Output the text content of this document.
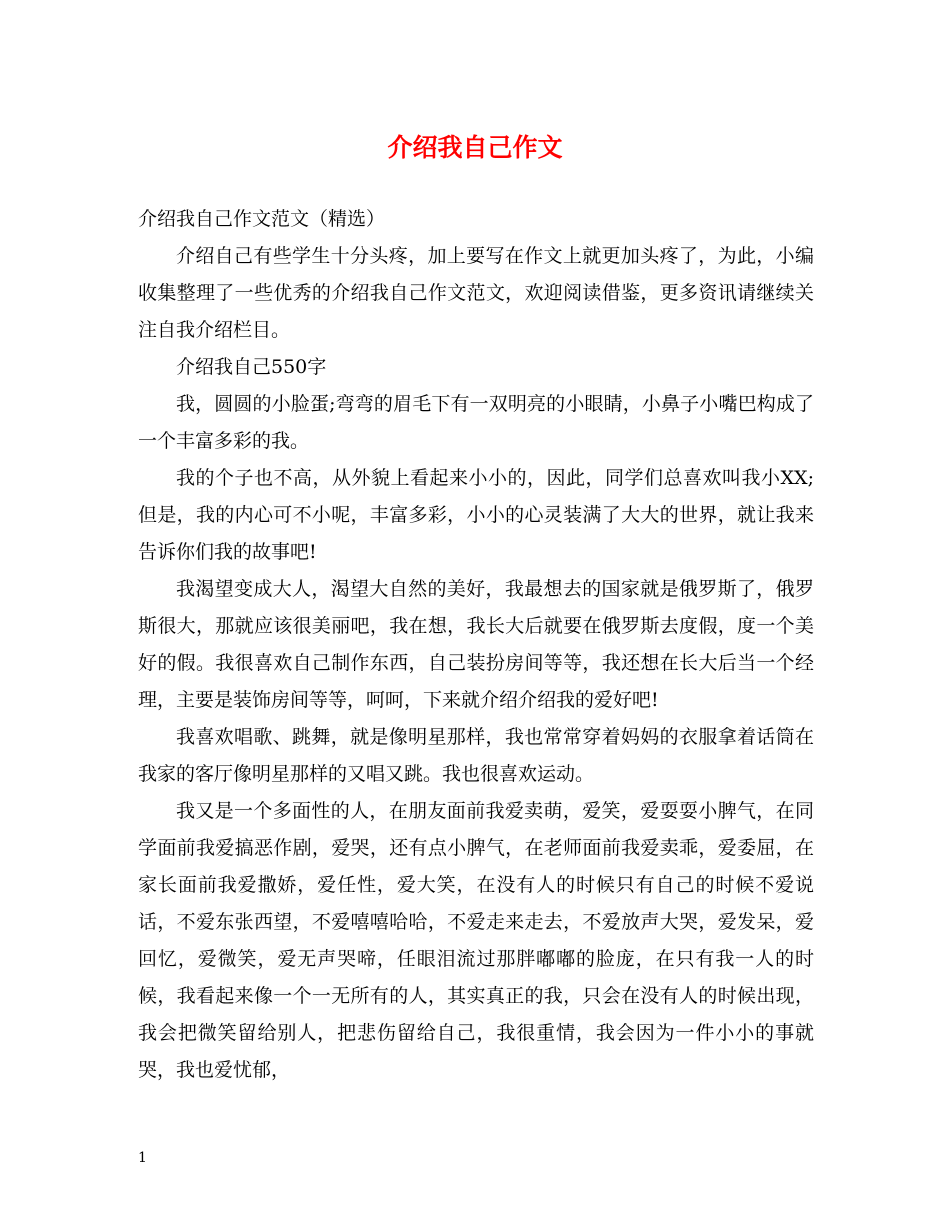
介绍我自己作文

介绍我自己作文范文（精选）

介绍自己有些学生十分头疼，加上要写在作文上就更加头疼了，为此，小编收集整理了一些优秀的介绍我自己作文范文，欢迎阅读借鉴，更多资讯请继续关注自我介绍栏目。

介绍我自己550字

我，圆圆的小脸蛋;弯弯的眉毛下有一双明亮的小眼睛，小鼻子小嘴巴构成了一个丰富多彩的我。

我的个子也不高，从外貌上看起来小小的，因此，同学们总喜欢叫我小XX;但是，我的内心可不小呢，丰富多彩，小小的心灵装满了大大的世界，就让我来告诉你们我的故事吧!

我渴望变成大人，渴望大自然的美好，我最想去的国家就是俄罗斯了，俄罗斯很大，那就应该很美丽吧，我在想，我长大后就要在俄罗斯去度假，度一个美好的假。我很喜欢自己制作东西，自己装扮房间等等，我还想在长大后当一个经理，主要是装饰房间等等，呵呵，下来就介绍介绍我的爱好吧!

我喜欢唱歌、跳舞，就是像明星那样，我也常常穿着妈妈的衣服拿着话筒在我家的客厅像明星那样的又唱又跳。我也很喜欢运动。

我又是一个多面性的人，在朋友面前我爱卖萌，爱笑，爱耍耍小脾气，在同学面前我爱搞恶作剧，爱哭，还有点小脾气，在老师面前我爱卖乖，爱委屈，在家长面前我爱撒娇，爱任性，爱大笑，在没有人的时候只有自己的时候不爱说话，不爱东张西望，不爱嘻嘻哈哈，不爱走来走去，不爱放声大哭，爱发呆，爱回忆，爱微笑，爱无声哭啼，任眼泪流过那胖嘟嘟的脸庞，在只有我一人的时候，我看起来像一个一无所有的人，其实真正的我，只会在没有人的时候出现，我会把微笑留给别人，把悲伤留给自己，我很重情，我会因为一件小小的事就哭，我也爱忧郁，

1
